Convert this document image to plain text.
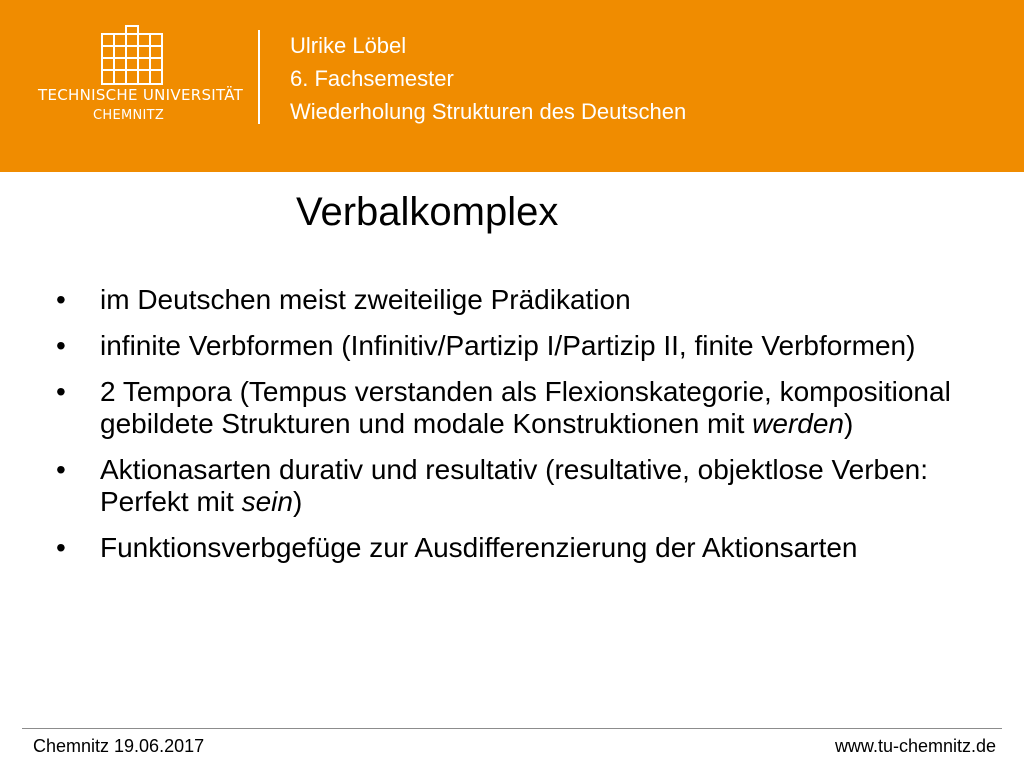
TECHNISCHE UNIVERSITÄT
CHEMNITZ
Ulrike Löbel
6. Fachsemester
Wiederholung Strukturen des Deutschen
Verbalkomplex
•	im Deutschen meist zweiteilige Prädikation
•	infinite Verbformen (Infinitiv/Partizip I/Partizip II, finite Verbformen)
•	2 Tempora (Tempus verstanden als Flexionskategorie, kompositional gebildete Strukturen und modale Konstruktionen mit werden)
•	Aktionasarten durativ und resultativ (resultative, objektlose Verben: Perfekt mit sein)
•	Funktionsverbgefüge zur Ausdifferenzierung der Aktionsarten
Chemnitz 19.06.2017	www.tu-chemnitz.de
